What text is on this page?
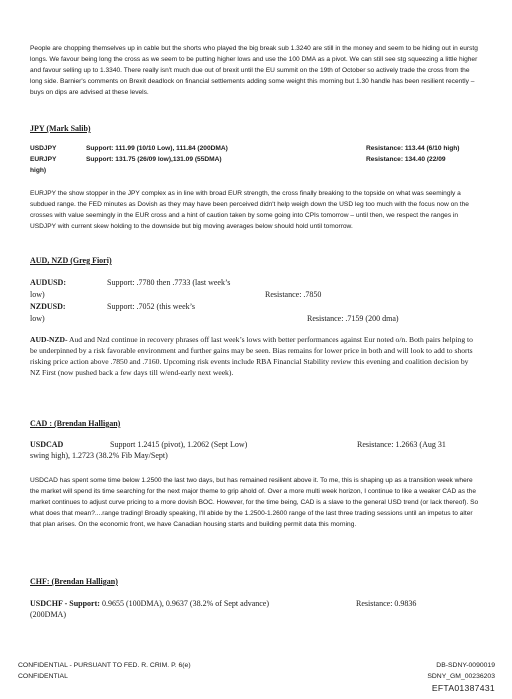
People are chopping themselves up in cable but the shorts who played the big break sub 1.3240 are still in the money and seem to be hiding out in eurstg longs. We favour being long the cross as we seem to be putting higher lows and use the 100 DMA as a pivot. We can still see stg squeezing a little higher and favour selling up to 1.3340. There really isn't much due out of brexit until the EU summit on the 19th of October so actively trade the cross from the long side. Barnier's comments on Brexit deadlock on financial settlements adding some weight this morning but 1.30 handle has been resilient recently – buys on dips are advised at these levels.
JPY (Mark Salib)
USDJPY	Support: 111.99 (10/10 Low), 111.84 (200DMA)	Resistance: 113.44 (6/10 high)
EURJPY	Support: 131.75 (26/09 low),131.09 (55DMA)	Resistance: 134.40 (22/09
high)
EURJPY the show stopper in the JPY complex as in line with broad EUR strength, the cross finally breaking to the topside on what was seemingly a subdued range. the FED minutes as Dovish as they may have been perceived didn't help weigh down the USD leg too much with the focus now on the crosses with value seemingly in the EUR cross and a hint of caution taken by some going into CPIs tomorrow – until then, we respect the ranges in USDJPY with current skew holding to the downside but big moving averages below should hold until tomorrow.
AUD, NZD (Greg Fiori)
AUDUSD:	Support: .7780 then .7733 (last week’s
low)	Resistance: .7850
NZDUSD:	Support: .7052 (this week’s
low)	Resistance: .7159 (200 dma)
AUD-NZD- Aud and Nzd continue in recovery phrases off last week’s lows with better performances against Eur noted o/n. Both pairs helping to be underpinned by a risk favorable environment and further gains may be seen. Bias remains for lower price in both and will look to add to shorts risking price action above .7850 and .7160. Upcoming risk events include RBA Financial Stability review this evening and coalition decision by NZ First (now pushed back a few days till w/end-early next week).
CAD : (Brendan Halligan)
USDCAD	Support 1.2415 (pivot), 1.2062 (Sept Low)	Resistance: 1.2663 (Aug 31
swing high), 1.2723 (38.2% Fib May/Sept)
USDCAD has spent some time below 1.2500 the last two days, but has remained resilient above it. To me, this is shaping up as a transition week where the market will spend its time searching for the next major theme to grip ahold of. Over a more multi week horizon, I continue to like a weaker CAD as the market continues to adjust curve pricing to a more dovish BOC. However, for the time being, CAD is a slave to the general USD trend (or lack thereof). So what does that mean?....range trading! Broadly speaking, I'll abide by the 1.2500-1.2600 range of the last three trading sessions until an impetus to alter that plan arises. On the economic front, we have Canadian housing starts and building permit data this morning.
CHF: (Brendan Halligan)
USDCHF - Support: 0.9655 (100DMA), 0.9637 (38.2% of Sept advance)	Resistance: 0.9836
(200DMA)
CONFIDENTIAL - PURSUANT TO FED. R. CRIM. P. 6(e)
CONFIDENTIAL
DB-SDNY-0090019
SDNY_GM_00236203
EFTA01387431
